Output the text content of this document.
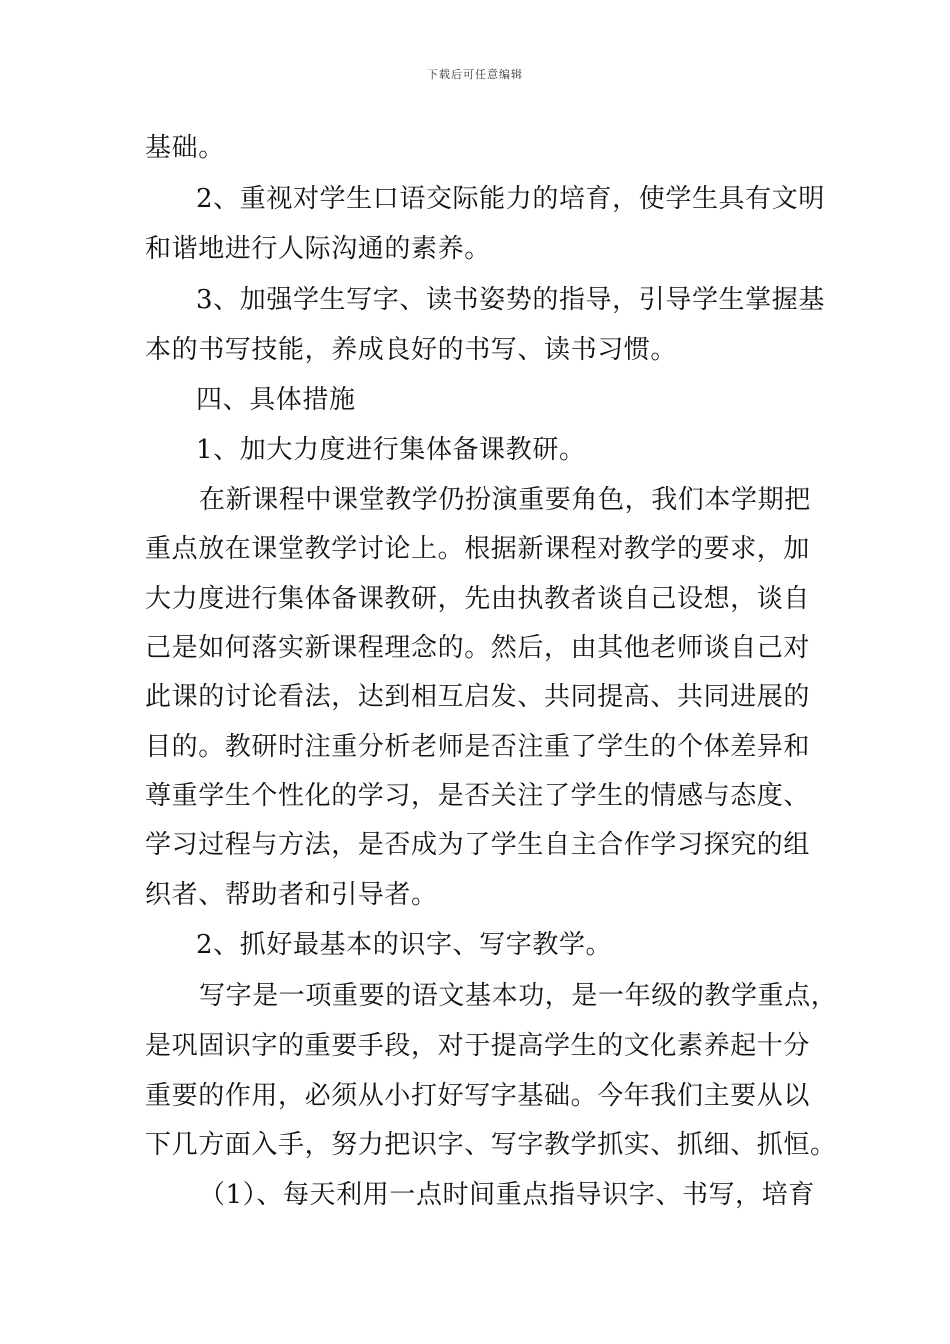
下载后可任意编辑
基础。
2、重视对学生口语交际能力的培育，使学生具有文明
和谐地进行人际沟通的素养。
3、加强学生写字、读书姿势的指导，引导学生掌握基
本的书写技能，养成良好的书写、读书习惯。
四、具体措施
1、加大力度进行集体备课教研。
在新课程中课堂教学仍扮演重要角色，我们本学期把
重点放在课堂教学讨论上。根据新课程对教学的要求，加
大力度进行集体备课教研，先由执教者谈自己设想，谈自
己是如何落实新课程理念的。然后，由其他老师谈自己对
此课的讨论看法，达到相互启发、共同提高、共同进展的
目的。教研时注重分析老师是否注重了学生的个体差异和
尊重学生个性化的学习，是否关注了学生的情感与态度、
学习过程与方法，是否成为了学生自主合作学习探究的组
织者、帮助者和引导者。
2、抓好最基本的识字、写字教学。
写字是一项重要的语文基本功，是一年级的教学重点，
是巩固识字的重要手段，对于提高学生的文化素养起十分
重要的作用，必须从小打好写字基础。今年我们主要从以
下几方面入手，努力把识字、写字教学抓实、抓细、抓恒。
（1）、每天利用一点时间重点指导识字、书写，培育
